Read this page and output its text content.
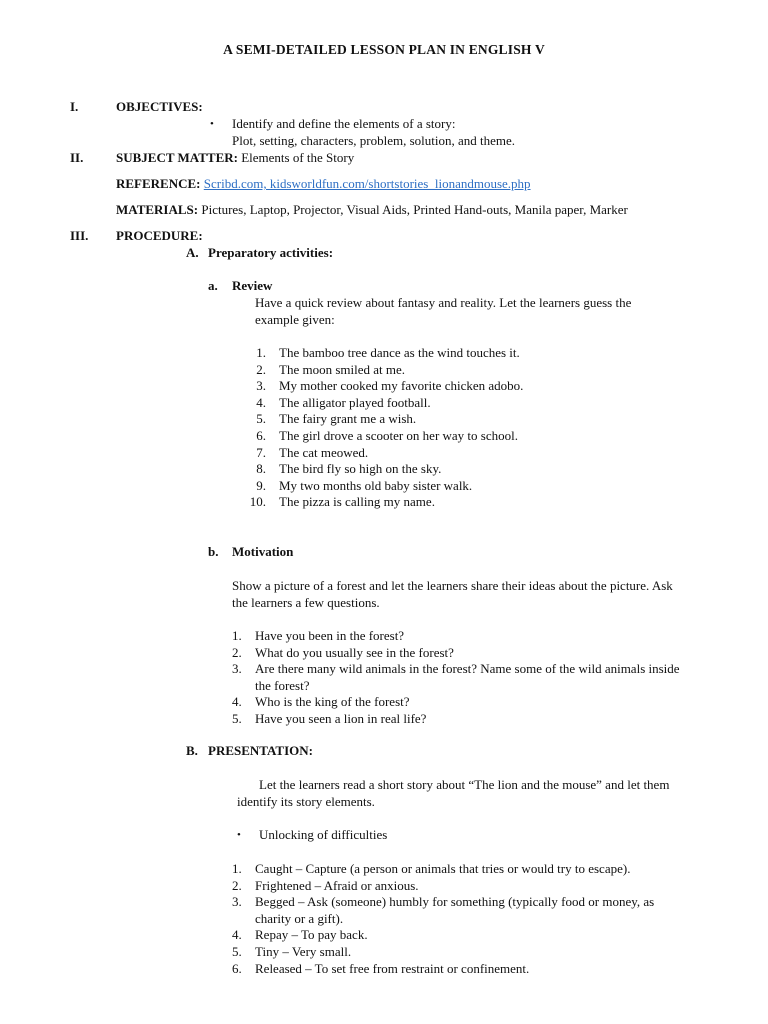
A SEMI-DETAILED LESSON PLAN IN ENGLISH V
I.	OBJECTIVES:
• Identify and define the elements of a story:
Plot, setting, characters, problem, solution, and theme.
II.	SUBJECT MATTER: Elements of the Story
REFERENCE: Scribd.com, kidsworldfun.com/shortstories_lionandmouse.php
MATERIALS: Pictures, Laptop, Projector, Visual Aids, Printed Hand-outs, Manila paper, Marker
III. PROCEDURE:
A. Preparatory activities:
a. Review
Have a quick review about fantasy and reality. Let the learners guess the
example given:
1. The bamboo tree dance as the wind touches it.
2. The moon smiled at me.
3. My mother cooked my favorite chicken adobo.
4. The alligator played football.
5. The fairy grant me a wish.
6. The girl drove a scooter on her way to school.
7. The cat meowed.
8. The bird fly so high on the sky.
9. My two months old baby sister walk.
10. The pizza is calling my name.
b. Motivation
Show a picture of a forest and let the learners share their ideas about the picture. Ask
the learners a few questions.
1. Have you been in the forest?
2. What do you usually see in the forest?
3. Are there many wild animals in the forest? Name some of the wild animals inside
the forest?
4. Who is the king of the forest?
5. Have you seen a lion in real life?
B. PRESENTATION:
Let the learners read a short story about “The lion and the mouse” and let them
identify its story elements.
• Unlocking of difficulties
1. Caught – Capture (a person or animals that tries or would try to escape).
2. Frightened – Afraid or anxious.
3. Begged – Ask (someone) humbly for something (typically food or money, as
charity or a gift).
4. Repay – To pay back.
5. Tiny – Very small.
6. Released – To set free from restraint or confinement.
